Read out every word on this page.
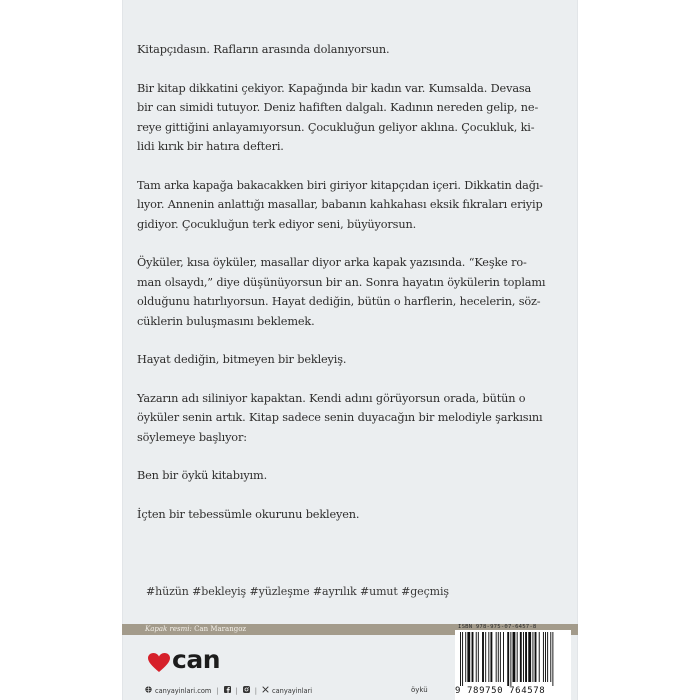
Kitapçıdasın. Rafların arasında dolanıyorsun.

Bir kitap dikkatini çekiyor. Kapağında bir kadın var. Kumsalda. Devasa
bir can simidi tutuyor. Deniz hafiften dalgalı. Kadının nereden gelip, ne-
reye gittiğini anlayamıyorsun. Çocukluğun geliyor aklına. Çocukluk, ki-
lidi kırık bir hatıra defteri.

Tam arka kapağa bakacakken biri giriyor kitapçıdan içeri. Dikkatin dağı-
lıyor. Annenin anlattığı masallar, babanın kahkahası eksik fıkraları eriyip
gidiyor. Çocukluğun terk ediyor seni, büyüyorsun.

Öyküler, kısa öyküler, masallar diyor arka kapak yazısında. “Keşke ro-
man olsaydı,” diye düşünüyorsun bir an. Sonra hayatın öykülerin toplamı
olduğunu hatırlıyorsun. Hayat dediğin, bütün o harflerin, hecelerin, söz-
cüklerin buluşmasını beklemek.

Hayat dediğin, bitmeyen bir bekleyiş.

Yazarın adı siliniyor kapaktan. Kendi adını görüyorsun orada, bütün o
öyküler senin artık. Kitap sadece senin duyacağın bir melodiyle şarkısını
söylemeye başlıyor:

Ben bir öykü kitabıyım.

İçten bir tebessümle okurunu bekleyen.

#hüzün #bekleyiş #yüzleşme #ayrılık #umut #geçmiş
Kapak resmi: Can Marangoz	ISBN 978-975-07-6457-8
9 789750 764578
can
canyayinlari.com |	|	| canyayinlari	öykü
